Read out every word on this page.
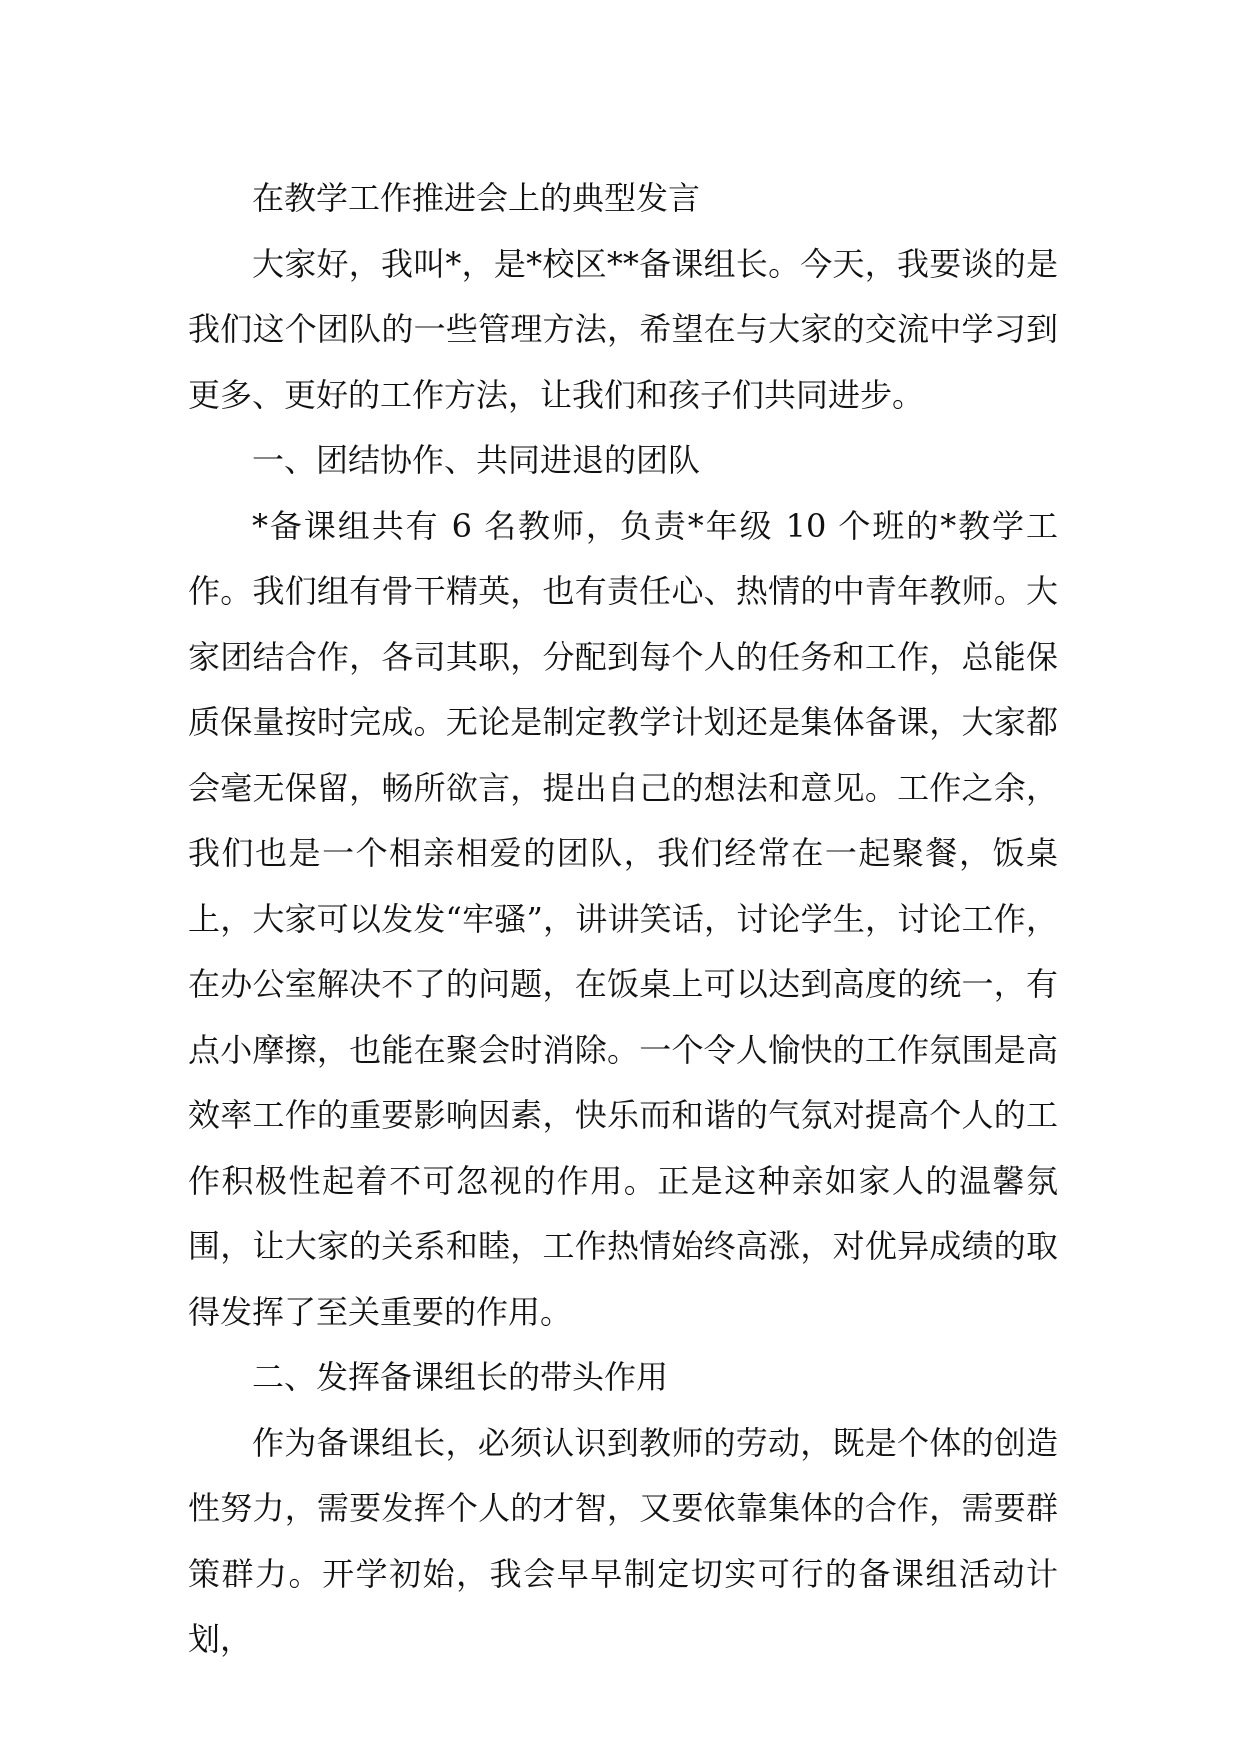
在教学工作推进会上的典型发言

大家好，我叫*，是*校区**备课组长。今天，我要谈的是我们这个团队的一些管理方法，希望在与大家的交流中学习到更多、更好的工作方法，让我们和孩子们共同进步。

一、团结协作、共同进退的团队

*备课组共有 6 名教师，负责*年级 10 个班的*教学工作。我们组有骨干精英，也有责任心、热情的中青年教师。大家团结合作，各司其职，分配到每个人的任务和工作，总能保质保量按时完成。无论是制定教学计划还是集体备课，大家都会毫无保留，畅所欲言，提出自己的想法和意见。工作之余，我们也是一个相亲相爱的团队，我们经常在一起聚餐，饭桌上，大家可以发发“牢骚”，讲讲笑话，讨论学生，讨论工作，在办公室解决不了的问题，在饭桌上可以达到高度的统一，有点小摩擦，也能在聚会时消除。一个令人愉快的工作氛围是高效率工作的重要影响因素，快乐而和谐的气氛对提高个人的工作积极性起着不可忽视的作用。正是这种亲如家人的温馨氛围，让大家的关系和睦，工作热情始终高涨，对优异成绩的取得发挥了至关重要的作用。

二、发挥备课组长的带头作用

作为备课组长，必须认识到教师的劳动，既是个体的创造性努力，需要发挥个人的才智，又要依靠集体的合作，需要群策群力。开学初始，我会早早制定切实可行的备课组活动计划，
